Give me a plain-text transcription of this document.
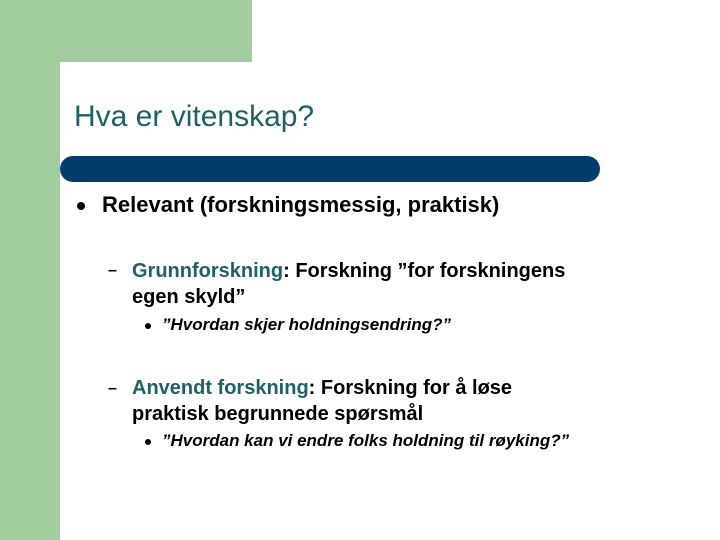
Hva er vitenskap?
Relevant (forskningsmessig, praktisk)
– Grunnforskning: Forskning ”for forskningens
egen skyld”
”Hvordan skjer holdningsendring?”
– Anvendt forskning: Forskning for å løse
praktisk begrunnede spørsmål
”Hvordan kan vi endre folks holdning til røyking?”
